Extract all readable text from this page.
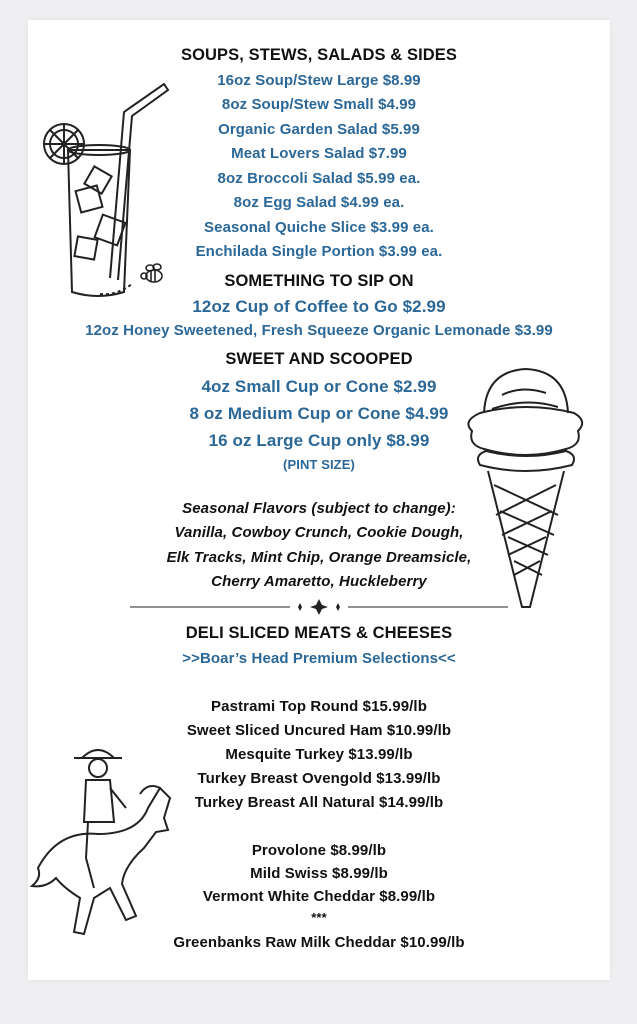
SOUPS, STEWS, SALADS & SIDES
16oz Soup/Stew Large $8.99
8oz Soup/Stew Small $4.99
Organic Garden Salad $5.99
Meat Lovers Salad $7.99
8oz Broccoli Salad $5.99 ea.
8oz Egg Salad $4.99 ea.
Seasonal Quiche Slice $3.99 ea.
Enchilada Single Portion $3.99 ea.
SOMETHING TO SIP ON
12oz Cup of Coffee to Go $2.99
12oz Honey Sweetened, Fresh Squeeze Organic Lemonade $3.99
SWEET AND SCOOPED
4oz Small Cup or Cone $2.99
8 oz Medium Cup or Cone $4.99
16 oz Large Cup only $8.99
(PINT SIZE)
Seasonal Flavors (subject to change):
Vanilla, Cowboy Crunch, Cookie Dough,
Elk Tracks, Mint Chip, Orange Dreamsicle,
Cherry Amaretto, Huckleberry
DELI SLICED MEATS & CHEESES
>>Boar’s Head Premium Selections<<
Pastrami Top Round $15.99/lb
Sweet Sliced Uncured Ham $10.99/lb
Mesquite Turkey $13.99/lb
Turkey Breast Ovengold $13.99/lb
Turkey Breast All Natural $14.99/lb
Provolone $8.99/lb
Mild Swiss $8.99/lb
Vermont White Cheddar $8.99/lb
***
Greenbanks Raw Milk Cheddar $10.99/lb
